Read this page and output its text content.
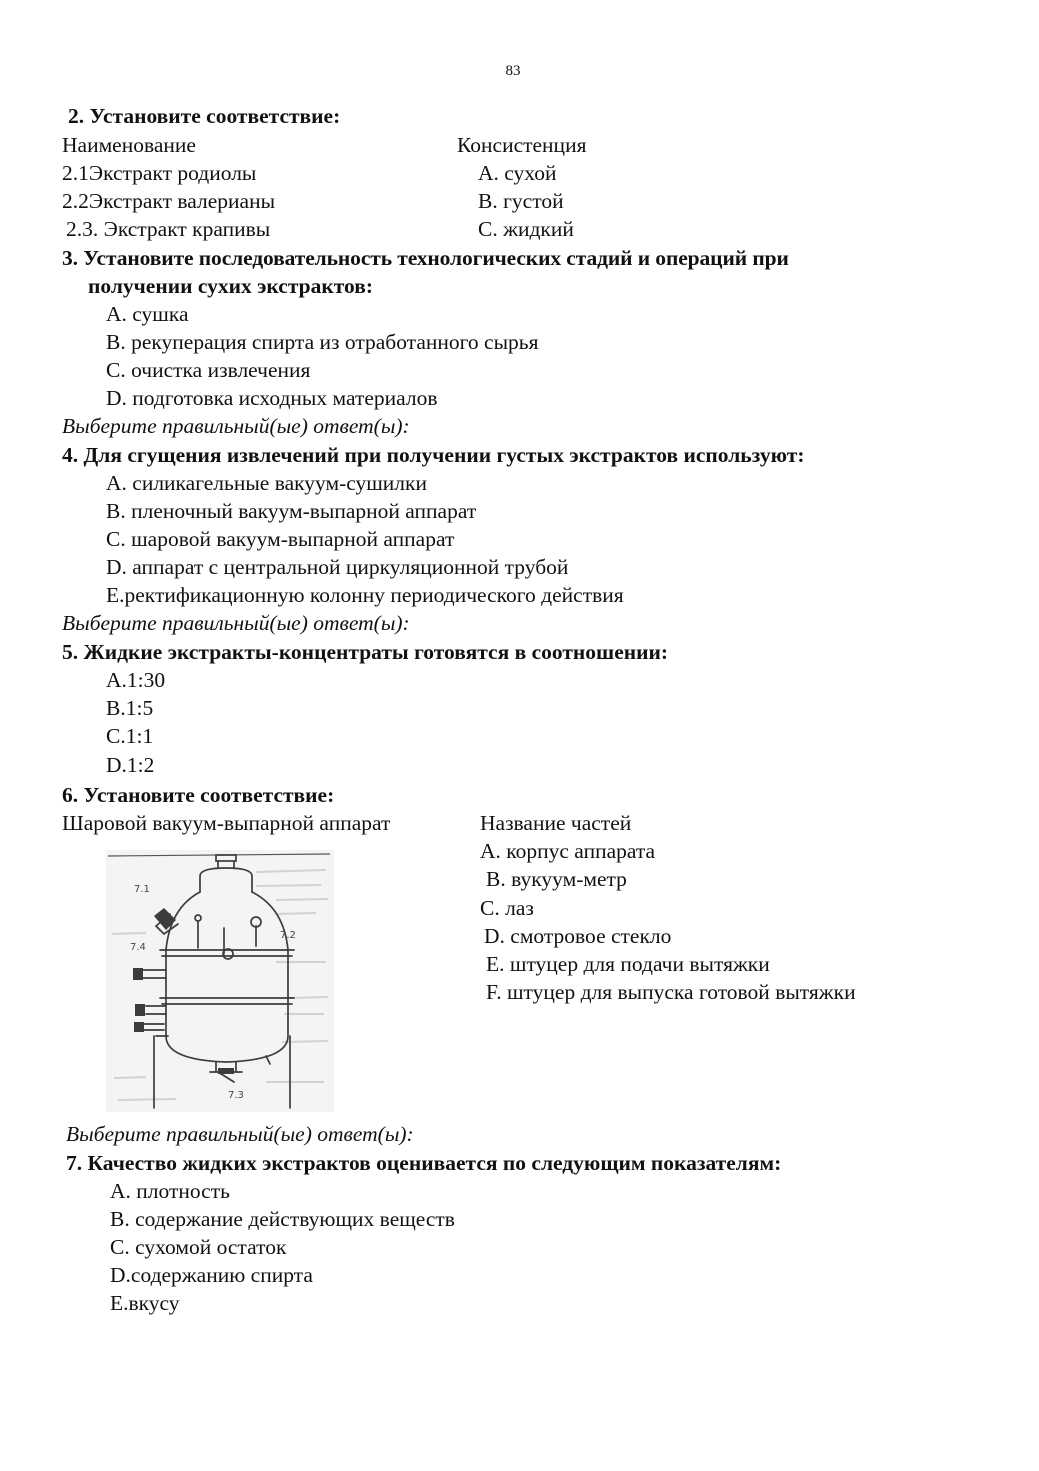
83
2. Установите соответствие:
Наименование	Консистенция
2.1Экстракт родиолы
2.2Экстракт валерианы
2.3. Экстракт крапивы
А. сухой
В. густой
С. жидкий
3. Установите последовательность технологических стадий и операций при
получении сухих экстрактов:
А. сушка
В. рекуперация спирта из отработанного сырья
С. очистка извлечения
D. подготовка исходных материалов
Выберите правильный(ые) ответ(ы):
4. Для сгущения извлечений при получении густых экстрактов используют:
А. силикагельные вакуум-сушилки
В. пленочный вакуум-выпарной аппарат
С. шаровой вакуум-выпарной аппарат
D. аппарат с центральной циркуляционной трубой
Е.ректификационную колонну периодического действия
Выберите правильный(ые) ответ(ы):
5. Жидкие экстракты-концентраты готовятся в соотношении:
А.1:30
В.1:5
С.1:1
D.1:2
6. Установите соответствие:
Шаровой вакуум-выпарной аппарат	Название частей
А. корпус аппарата
В. вукуум-метр
С. лаз
D. смотровое стекло
Е. штуцер для подачи вытяжки
F. штуцер для выпуска готовой вытяжки
7.1
7.2
7.4
7.3
Выберите правильный(ые) ответ(ы):
7. Качество жидких экстрактов оценивается по следующим показателям:
А. плотность
В. содержание действующих веществ
С. сухомой остаток
D.содержанию спирта
Е.вкусу
